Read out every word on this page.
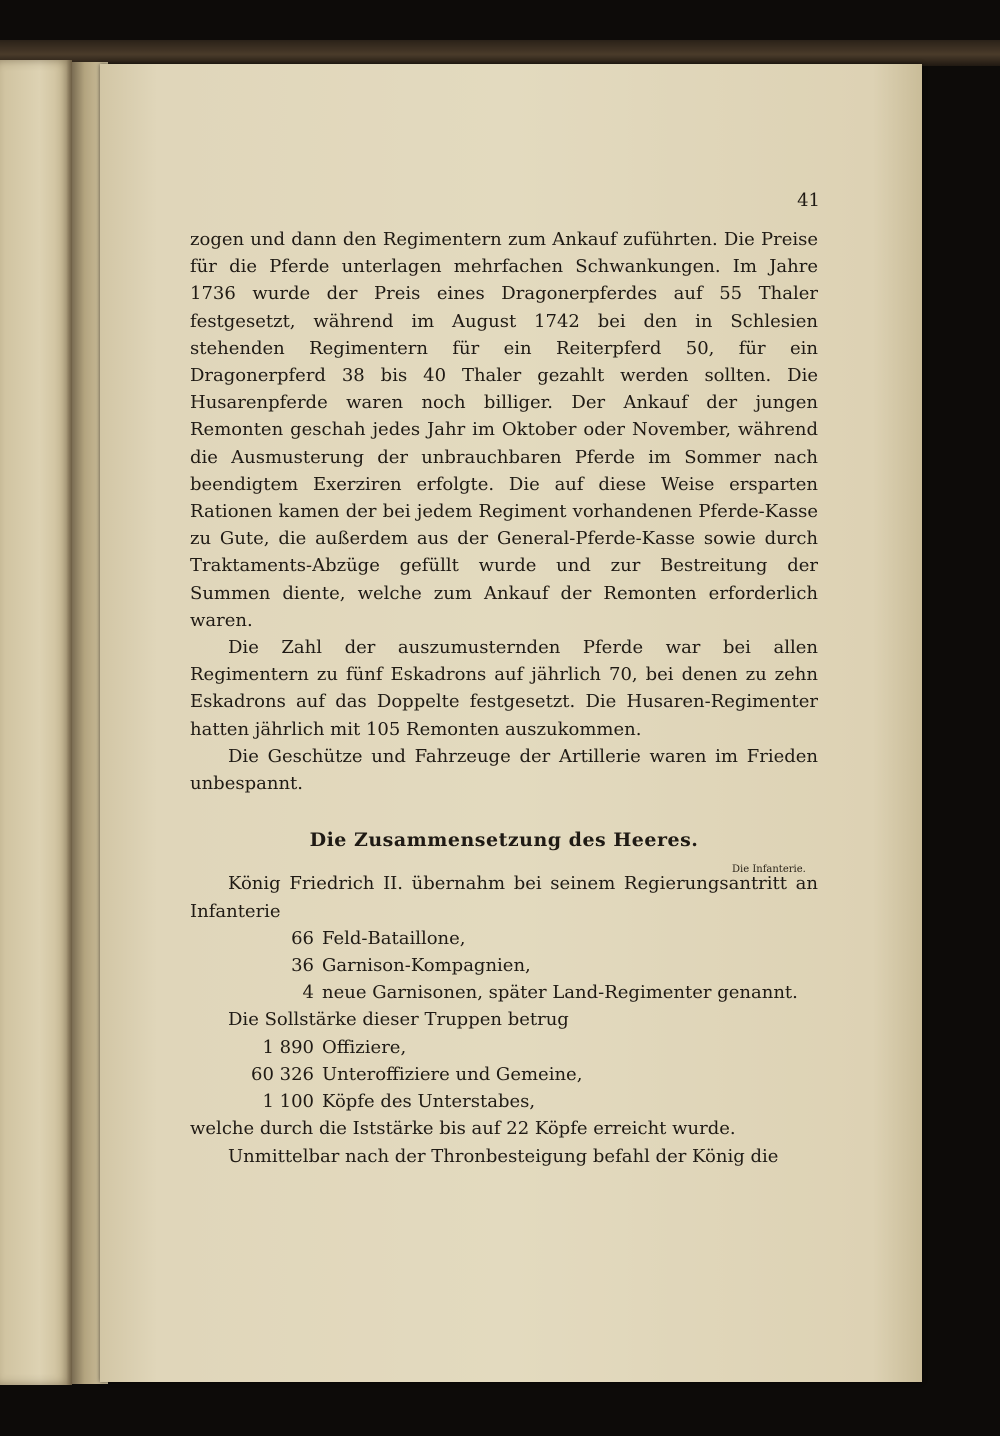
41

zogen und dann den Regimentern zum Ankauf zuführten. Die Preise für die Pferde unterlagen mehrfachen Schwankungen. Im Jahre 1736 wurde der Preis eines Dragonerpferdes auf 55 Thaler festgesetzt, während im August 1742 bei den in Schlesien stehenden Regimentern für ein Reiterpferd 50, für ein Dragonerpferd 38 bis 40 Thaler gezahlt werden sollten. Die Husarenpferde waren noch billiger. Der Ankauf der jungen Remonten geschah jedes Jahr im Oktober oder November, während die Ausmusterung der unbrauchbaren Pferde im Sommer nach beendigtem Exerziren erfolgte. Die auf diese Weise ersparten Rationen kamen der bei jedem Regiment vorhandenen Pferde-Kasse zu Gute, die außerdem aus der General-Pferde-Kasse sowie durch Traktaments-Abzüge gefüllt wurde und zur Bestreitung der Summen diente, welche zum Ankauf der Remonten erforderlich waren.

Die Zahl der auszumusternden Pferde war bei allen Regimentern zu fünf Eskadrons auf jährlich 70, bei denen zu zehn Eskadrons auf das Doppelte festgesetzt. Die Husaren-Regimenter hatten jährlich mit 105 Remonten auszukommen.

Die Geschütze und Fahrzeuge der Artillerie waren im Frieden unbespannt.

Die Zusammensetzung des Heeres.

König Friedrich II. übernahm bei seinem Regierungsantritt an Infanterie

66 Feld-Bataillone,
36 Garnison-Kompagnien,
4 neue Garnisonen, später Land-Regimenter genannt.

Die Sollstärke dieser Truppen betrug

1 890 Offiziere,
60 326 Unteroffiziere und Gemeine,
1 100 Köpfe des Unterstabes,

welche durch die Iststärke bis auf 22 Köpfe erreicht wurde.

Unmittelbar nach der Thronbesteigung befahl der König die

Die Infanterie.
